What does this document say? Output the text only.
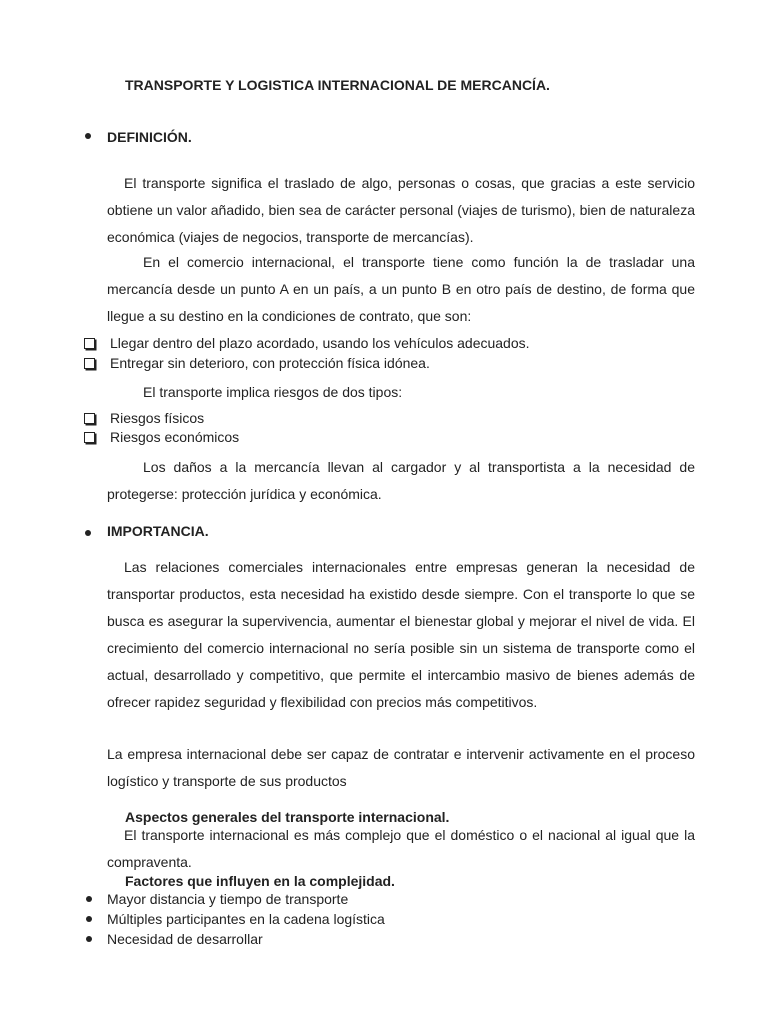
TRANSPORTE Y LOGISTICA INTERNACIONAL DE MERCANCÍA.
DEFINICIÓN.
El transporte significa el traslado de algo, personas o cosas, que gracias a este servicio obtiene un valor añadido, bien sea de carácter personal (viajes de turismo), bien de naturaleza económica (viajes de negocios, transporte de mercancías).
En el comercio internacional, el transporte tiene como función la de trasladar una mercancía desde un punto A en un país, a un punto B en otro país de destino, de forma que llegue a su destino en la condiciones de contrato, que son:
Llegar dentro del plazo acordado, usando los vehículos adecuados.
Entregar sin deterioro, con protección física idónea.
El transporte implica riesgos de dos tipos:
Riesgos físicos
Riesgos económicos
Los daños a la mercancía llevan al cargador y al transportista a la necesidad de protegerse: protección jurídica y económica.
IMPORTANCIA.
Las relaciones comerciales internacionales entre empresas generan la necesidad de transportar productos, esta necesidad ha existido desde siempre. Con el transporte lo que se busca es asegurar la supervivencia, aumentar el bienestar global y mejorar el nivel de vida. El crecimiento del comercio internacional no sería posible sin un sistema de transporte como el actual, desarrollado y competitivo, que permite el intercambio masivo de bienes además de ofrecer rapidez seguridad y flexibilidad con precios más competitivos.
La empresa internacional debe ser capaz de contratar e intervenir activamente en el proceso logístico y transporte de sus productos
Aspectos generales del transporte internacional.
El transporte internacional es más complejo que el doméstico o el nacional al igual que la compraventa.
Factores que influyen en la complejidad.
Mayor distancia y tiempo de transporte
Múltiples participantes en la cadena logística
Necesidad de desarrollar
